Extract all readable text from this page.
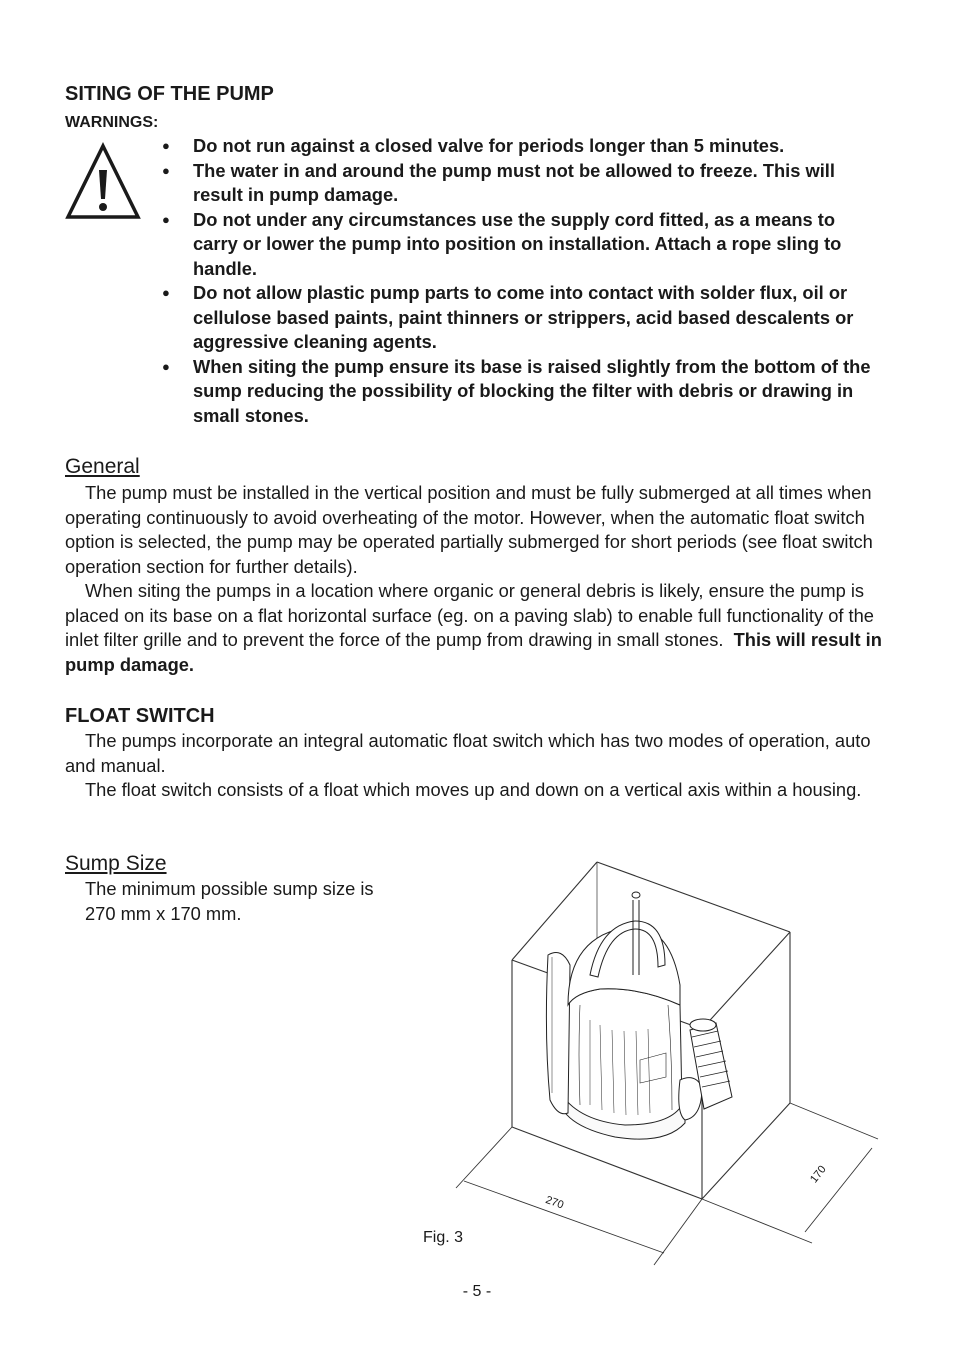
SITING OF THE PUMP
WARNINGS:
● Do not run against a closed valve for periods longer than 5 minutes.
● The water in and around the pump must not be allowed to freeze. This will result in pump damage.
● Do not under any circumstances use the supply cord fitted, as a means to carry or lower the pump into position on installation. Attach a rope sling to handle.
● Do not allow plastic pump parts to come into contact with solder flux, oil or cellulose based paints, paint thinners or strippers, acid based descalents or aggressive cleaning agents.
● When siting the pump ensure its base is raised slightly from the bottom of the sump reducing the possibility of blocking the filter with debris or drawing in small stones.
General
The pump must be installed in the vertical position and must be fully submerged at all times when operating continuously to avoid overheating of the motor. However, when the automatic float switch option is selected, the pump may be operated partially submerged for short periods (see float switch operation section for further details).
When siting the pumps in a location where organic or general debris is likely, ensure the pump is placed on its base on a flat horizontal surface (eg. on a paving slab) to enable full functionality of the inlet filter grille and to prevent the force of the pump from drawing in small stones. This will result in pump damage.
FLOAT SWITCH
The pumps incorporate an integral automatic float switch which has two modes of operation, auto and manual.
The float switch consists of a float which moves up and down on a vertical axis within a housing.
Sump Size
The minimum possible sump size is
270 mm x 170 mm.
270
170
Fig. 3
- 5 -
